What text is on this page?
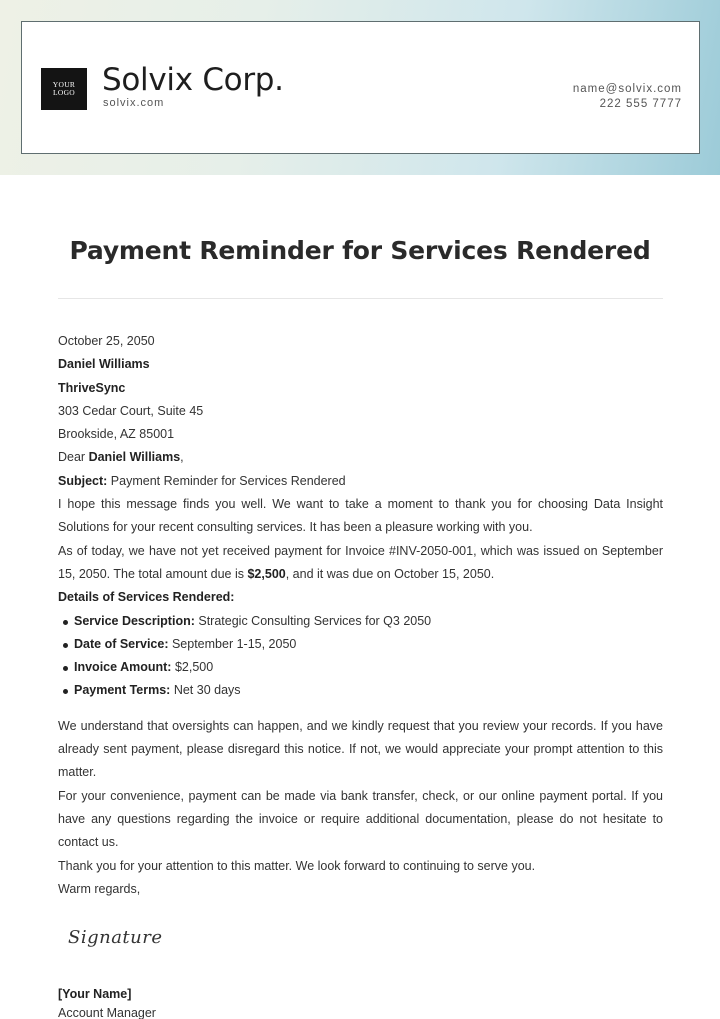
YOUR
LOGO Solvix Corp.
solvix.com
name@solvix.com
222 555 7777
Payment Reminder for Services Rendered
October 25, 2050
Daniel Williams
ThriveSync
303 Cedar Court, Suite 45
Brookside, AZ 85001
Dear Daniel Williams,
Subject: Payment Reminder for Services Rendered

I hope this message finds you well. We want to take a moment to thank you for choosing Data Insight Solutions for your recent consulting services. It has been a pleasure working with you.

As of today, we have not yet received payment for Invoice #INV-2050-001, which was issued on September 15, 2050. The total amount due is $2,500, and it was due on October 15, 2050.

Details of Services Rendered:
Service Description: Strategic Consulting Services for Q3 2050
Date of Service: September 1-15, 2050
Invoice Amount: $2,500
Payment Terms: Net 30 days

We understand that oversights can happen, and we kindly request that you review your records. If you have already sent payment, please disregard this notice. If not, we would appreciate your prompt attention to this matter.

For your convenience, payment can be made via bank transfer, check, or our online payment portal. If you have any questions regarding the invoice or require additional documentation, please do not hesitate to contact us.

Thank you for your attention to this matter. We look forward to continuing to serve you.

Warm regards,
Signature
[Your Name]
Account Manager
